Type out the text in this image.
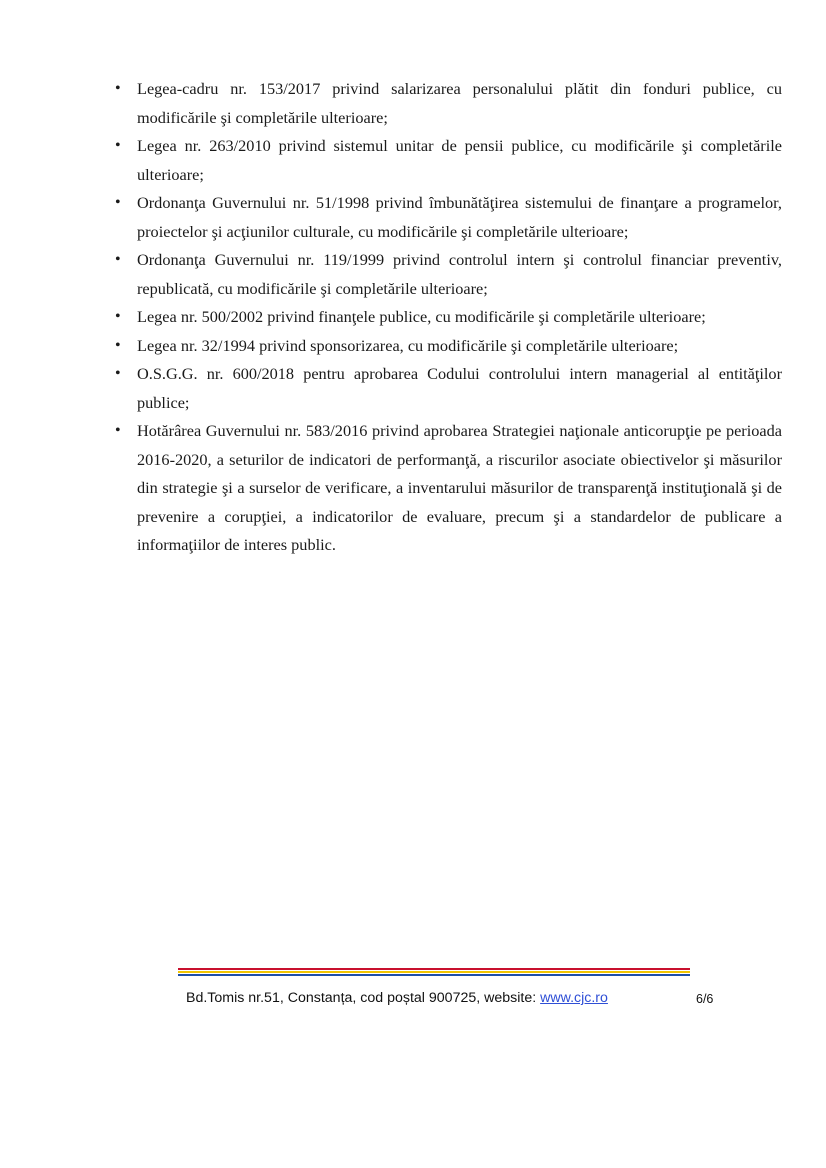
• Legea-cadru nr. 153/2017 privind salarizarea personalului plătit din fonduri publice, cu modificările şi completările ulterioare;
• Legea nr. 263/2010 privind sistemul unitar de pensii publice, cu modificările şi completările ulterioare;
• Ordonanţa Guvernului nr. 51/1998 privind îmbunătăţirea sistemului de finanţare a programelor, proiectelor şi acţiunilor culturale, cu modificările şi completările ulterioare;
• Ordonanţa Guvernului nr. 119/1999 privind controlul intern şi controlul financiar preventiv, republicată, cu modificările şi completările ulterioare;
• Legea nr. 500/2002 privind finanţele publice, cu modificările şi completările ulterioare;
• Legea nr. 32/1994 privind sponsorizarea, cu modificările şi completările ulterioare;
• O.S.G.G. nr. 600/2018 pentru aprobarea Codului controlului intern managerial al entităţilor publice;
• Hotărârea Guvernului nr. 583/2016 privind aprobarea Strategiei naţionale anticorupţie pe perioada 2016-2020, a seturilor de indicatori de performanţă, a riscurilor asociate obiectivelor şi măsurilor din strategie şi a surselor de verificare, a inventarului măsurilor de transparenţă instituţională şi de prevenire a corupţiei, a indicatorilor de evaluare, precum şi a standardelor de publicare a informaţiilor de interes public.
Bd.Tomis nr.51, Constanța, cod poștal 900725, website: www.cjc.ro	6/6
